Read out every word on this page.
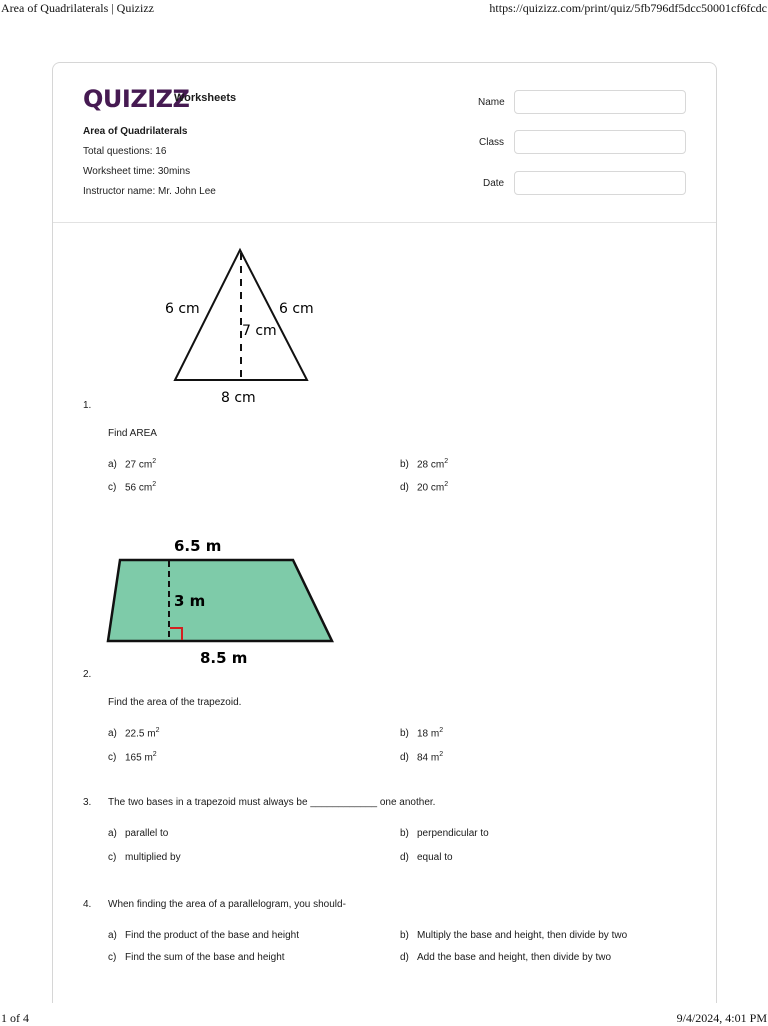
Area of Quadrilaterals | Quizizz	https://quizizz.com/print/quiz/5fb796df5dcc50001cf6fcdc
1 of 4	9/4/2024, 4:01 PM
QUIZIZZ
Worksheets
Area of Quadrilaterals
Total questions: 16
Worksheet time: 30mins
Instructor name: Mr. John Lee
Name
Class
Date
6 cm	6 cm
7 cm
8 cm
1.
Find AREA
a) 27 $cm^2$	b) 28 $cm^2$
c) 56 $cm^2$	d) 20 $cm^2$
6.5 m
3 m
8.5 m
2.
Find the area of the trapezoid.
a) 22.5 $m^2$	b) 18 $m^2$
c) 165 $m^2$	d) 84 $m^2$
3. The two bases in a trapezoid must always be ____________ one another.
a) parallel to	b) perpendicular to
c) multiplied by	d) equal to
4. When finding the area of a parallelogram, you should-
a) Find the product of the base and height	b) Multiply the base and height, then divide by two
c) Find the sum of the base and height	d) Add the base and height, then divide by two
